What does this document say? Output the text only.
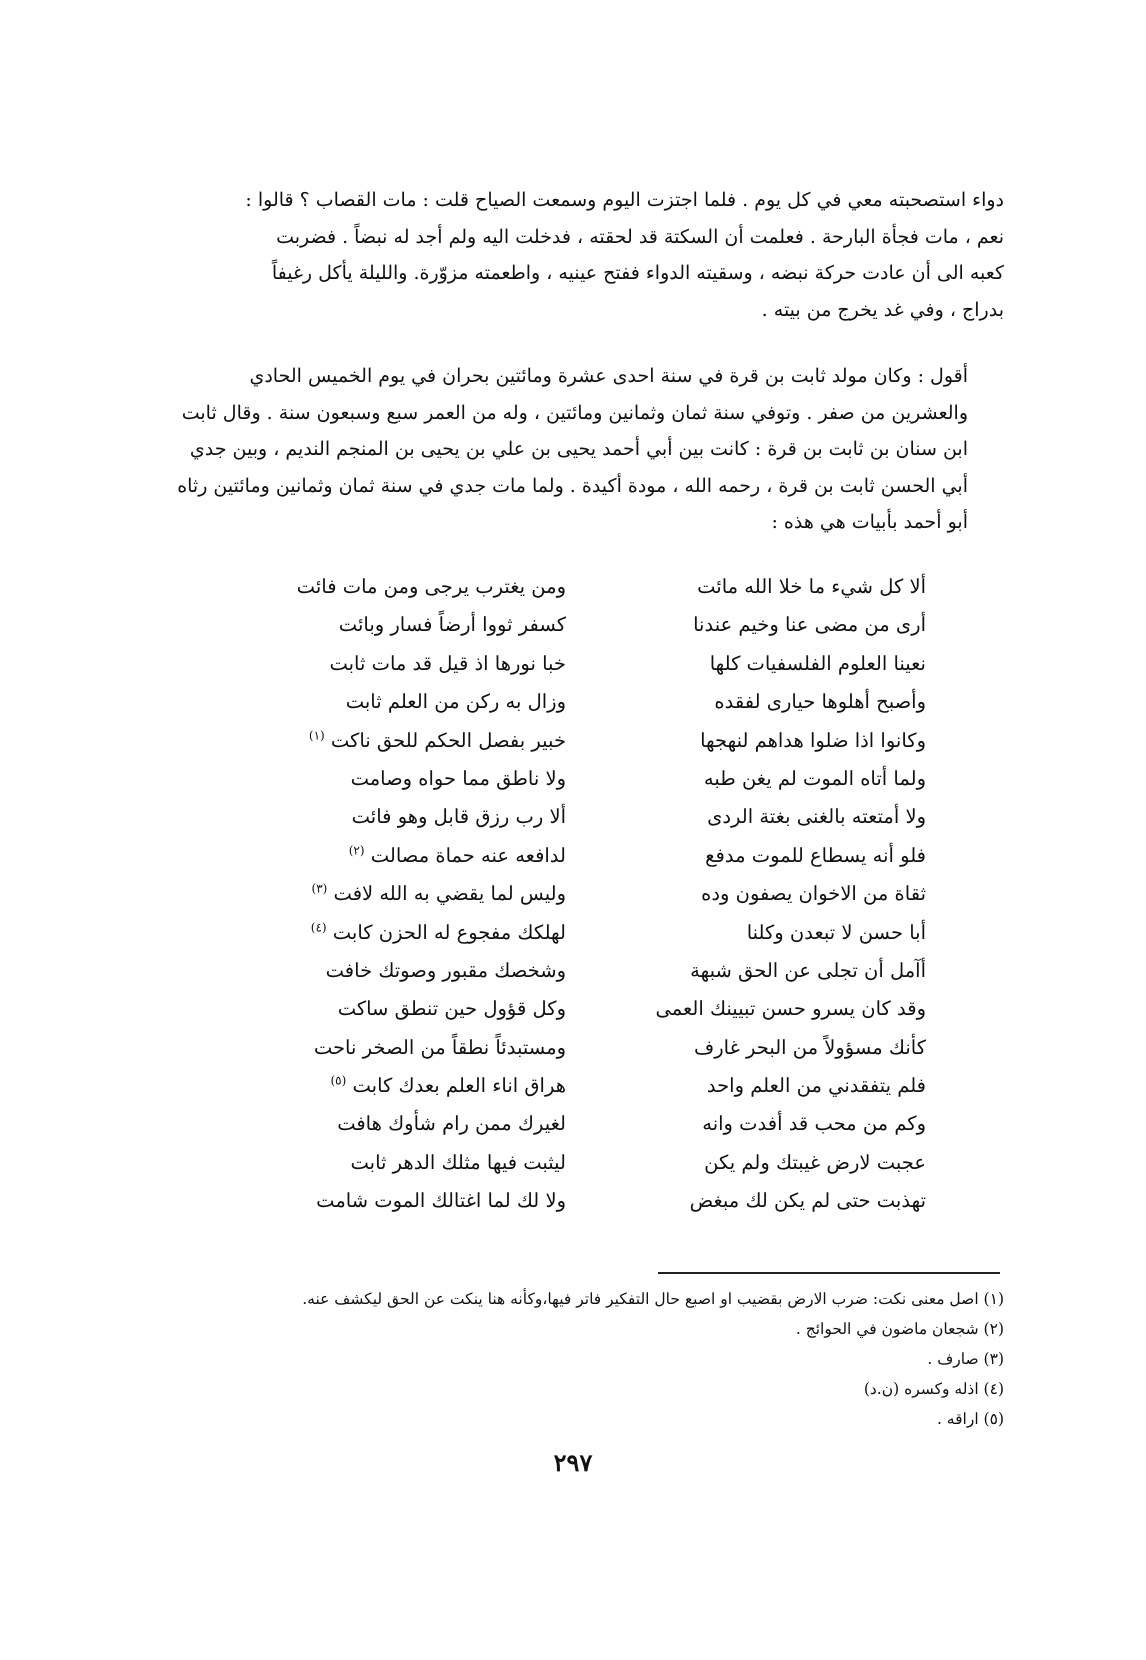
دواء استصحبته معي في كل يوم . فلما اجتزت اليوم وسمعت الصياح قلت : مات القصاب ؟ قالوا :
نعم ، مات فجأة البارحة . فعلمت أن السكتة قد لحقته ، فدخلت اليه ولم أجد له نبضاً . فضربت
كعبه الى أن عادت حركة نبضه ، وسقيته الدواء ففتح عينيه ، واطعمته مزوّرة. والليلة يأكل رغيفاً
بدراج ، وفي غد يخرج من بيته .
أقول : وكان مولد ثابت بن قرة في سنة احدى عشرة ومائتين بحران في يوم الخميس الحادي
والعشرين من صفر . وتوفي سنة ثمان وثمانين ومائتين ، وله من العمر سبع وسبعون سنة . وقال ثابت
ابن سنان بن ثابت بن قرة : كانت بين أبي أحمد يحيى بن علي بن يحيى بن المنجم النديم ، وبين جدي
أبي الحسن ثابت بن قرة ، رحمه الله ، مودة أكيدة . ولما مات جدي في سنة ثمان وثمانين ومائتين رثاه
أبو أحمد بأبيات هي هذه :
ألا كل شيء ما خلا الله مائت
ومن يغترب يرجى ومن مات فائت
أرى من مضى عنا وخيم عندنا
كسفر ثووا أرضاً فسار وبائت
نعينا العلوم الفلسفيات كلها
خبا نورها اذ قيل قد مات ثابت
وأصبح أهلوها حيارى لفقده
وزال به ركن من العلم ثابت
وكانوا اذا ضلوا هداهم لنهجها
خبير بفصل الحكم للحق ناكت $^{(١)}$
ولما أتاه الموت لم يغن طبه
ولا ناطق مما حواه وصامت
ولا أمتعته بالغنى بغتة الردى
ألا رب رزق قابل وهو فائت
فلو أنه يسطاع للموت مدفع
لدافعه عنه حماة مصالت $^{(٢)}$
ثقاة من الاخوان يصفون وده
وليس لما يقضي به الله لافت $^{(٣)}$
أبا حسن لا تبعدن وكلنا
لهلكك مفجوع له الحزن كابت $^{(٤)}$
أآمل أن تجلى عن الحق شبهة
وشخصك مقبور وصوتك خافت
وقد كان يسرو حسن تبيينك العمى
وكل قؤول حين تنطق ساكت
كأنك مسؤولاً من البحر غارف
ومستبدئاً نطقاً من الصخر ناحت
فلم يتفقدني من العلم واحد
هراق اناء العلم بعدك كابت $^{(٥)}$
وكم من محب قد أفدت وانه
لغيرك ممن رام شأوك هافت
عجبت لارض غيبتك ولم يكن
ليثبت فيها مثلك الدهر ثابت
تهذبت حتى لم يكن لك مبغض
ولا لك لما اغتالك الموت شامت
(١) اصل معنى نكت: ضرب الارض بقضيب او اصبع حال التفكير فاتر فيها،وكأنه هنا ينكت عن الحق ليكشف عنه.
(٢) شجعان ماضون في الحوائج .
(٣) صارف .
(٤) اذله وكسره (ن.د)
(٥) اراقه .
٢٩٧
